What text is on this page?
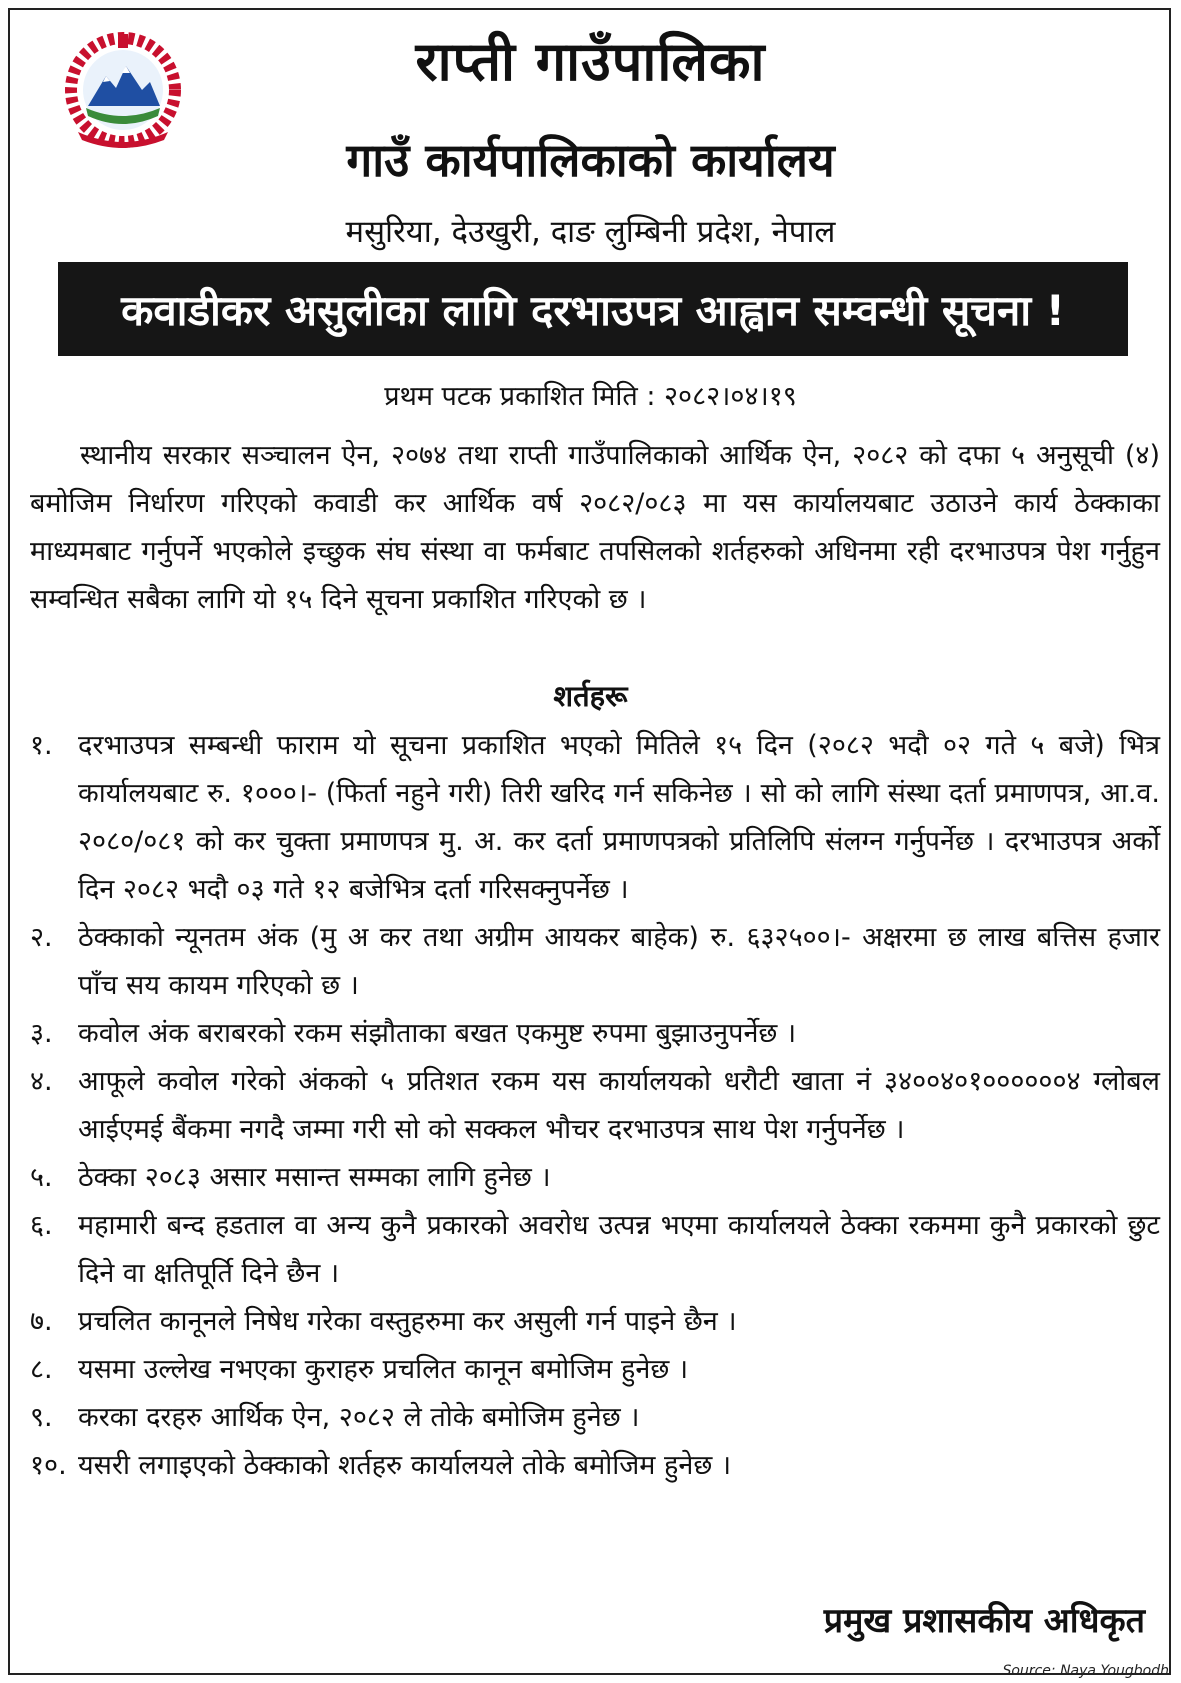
राप्ती गाउँपालिका
गाउँ कार्यपालिकाको कार्यालय
मसुरिया, देउखुरी, दाङ लुम्बिनी प्रदेश, नेपाल
कवाडीकर असुलीका लागि दरभाउपत्र आह्वान सम्वन्धी सूचना !
प्रथम पटक प्रकाशित मिति : २०८२।०४।१९

स्थानीय सरकार सञ्चालन ऐन, २०७४ तथा राप्ती गाउँपालिकाको आर्थिक ऐन, २०८२ को दफा ५ अनुसूची (४) बमोजिम निर्धारण गरिएको कवाडी कर आर्थिक वर्ष २०८२/०८३ मा यस कार्यालयबाट उठाउने कार्य ठेक्काका माध्यमबाट गर्नुपर्ने भएकोले इच्छुक संघ संस्था वा फर्मबाट तपसिलको शर्तहरुको अधिनमा रही दरभाउपत्र पेश गर्नुहुन सम्वन्धित सबैका लागि यो १५ दिने सूचना प्रकाशित गरिएको छ ।

शर्तहरू
१. दरभाउपत्र सम्बन्धी फाराम यो सूचना प्रकाशित भएको मितिले १५ दिन (२०८२ भदौ ०२ गते ५ बजे) भित्र कार्यालयबाट रु. १०००।- (फिर्ता नहुने गरी) तिरी खरिद गर्न सकिनेछ । सो को लागि संस्था दर्ता प्रमाणपत्र, आ.व. २०८०/०८१ को कर चुक्ता प्रमाणपत्र मु. अ. कर दर्ता प्रमाणपत्रको प्रतिलिपि संलग्न गर्नुपर्नेछ । दरभाउपत्र अर्को दिन २०८२ भदौ ०३ गते १२ बजेभित्र दर्ता गरिसक्नुपर्नेछ ।
२. ठेक्काको न्यूनतम अंक (मु अ कर तथा अग्रीम आयकर बाहेक) रु. ६३२५००।- अक्षरमा छ लाख बत्तिस हजार पाँच सय कायम गरिएको छ ।
३. कवोल अंक बराबरको रकम संझौताका बखत एकमुष्ट रुपमा बुझाउनुपर्नेछ ।
४. आफूले कवोल गरेको अंकको ५ प्रतिशत रकम यस कार्यालयको धरौटी खाता नं ३४००४०१००००००४ ग्लोबल आईएमई बैंकमा नगदै जम्मा गरी सो को सक्कल भौचर दरभाउपत्र साथ पेश गर्नुपर्नेछ ।
५. ठेक्का २०८३ असार मसान्त सम्मका लागि हुनेछ ।
६. महामारी बन्द हडताल वा अन्य कुनै प्रकारको अवरोध उत्पन्न भएमा कार्यालयले ठेक्का रकममा कुनै प्रकारको छुट दिने वा क्षतिपूर्ति दिने छैन ।
७. प्रचलित कानूनले निषेध गरेका वस्तुहरुमा कर असुली गर्न पाइने छैन ।
८. यसमा उल्लेख नभएका कुराहरु प्रचलित कानून बमोजिम हुनेछ ।
९. करका दरहरु आर्थिक ऐन, २०८२ ले तोके बमोजिम हुनेछ ।
१०. यसरी लगाइएको ठेक्काको शर्तहरु कार्यालयले तोके बमोजिम हुनेछ ।
प्रमुख प्रशासकीय अधिकृत
Source: Naya Yougbodh
